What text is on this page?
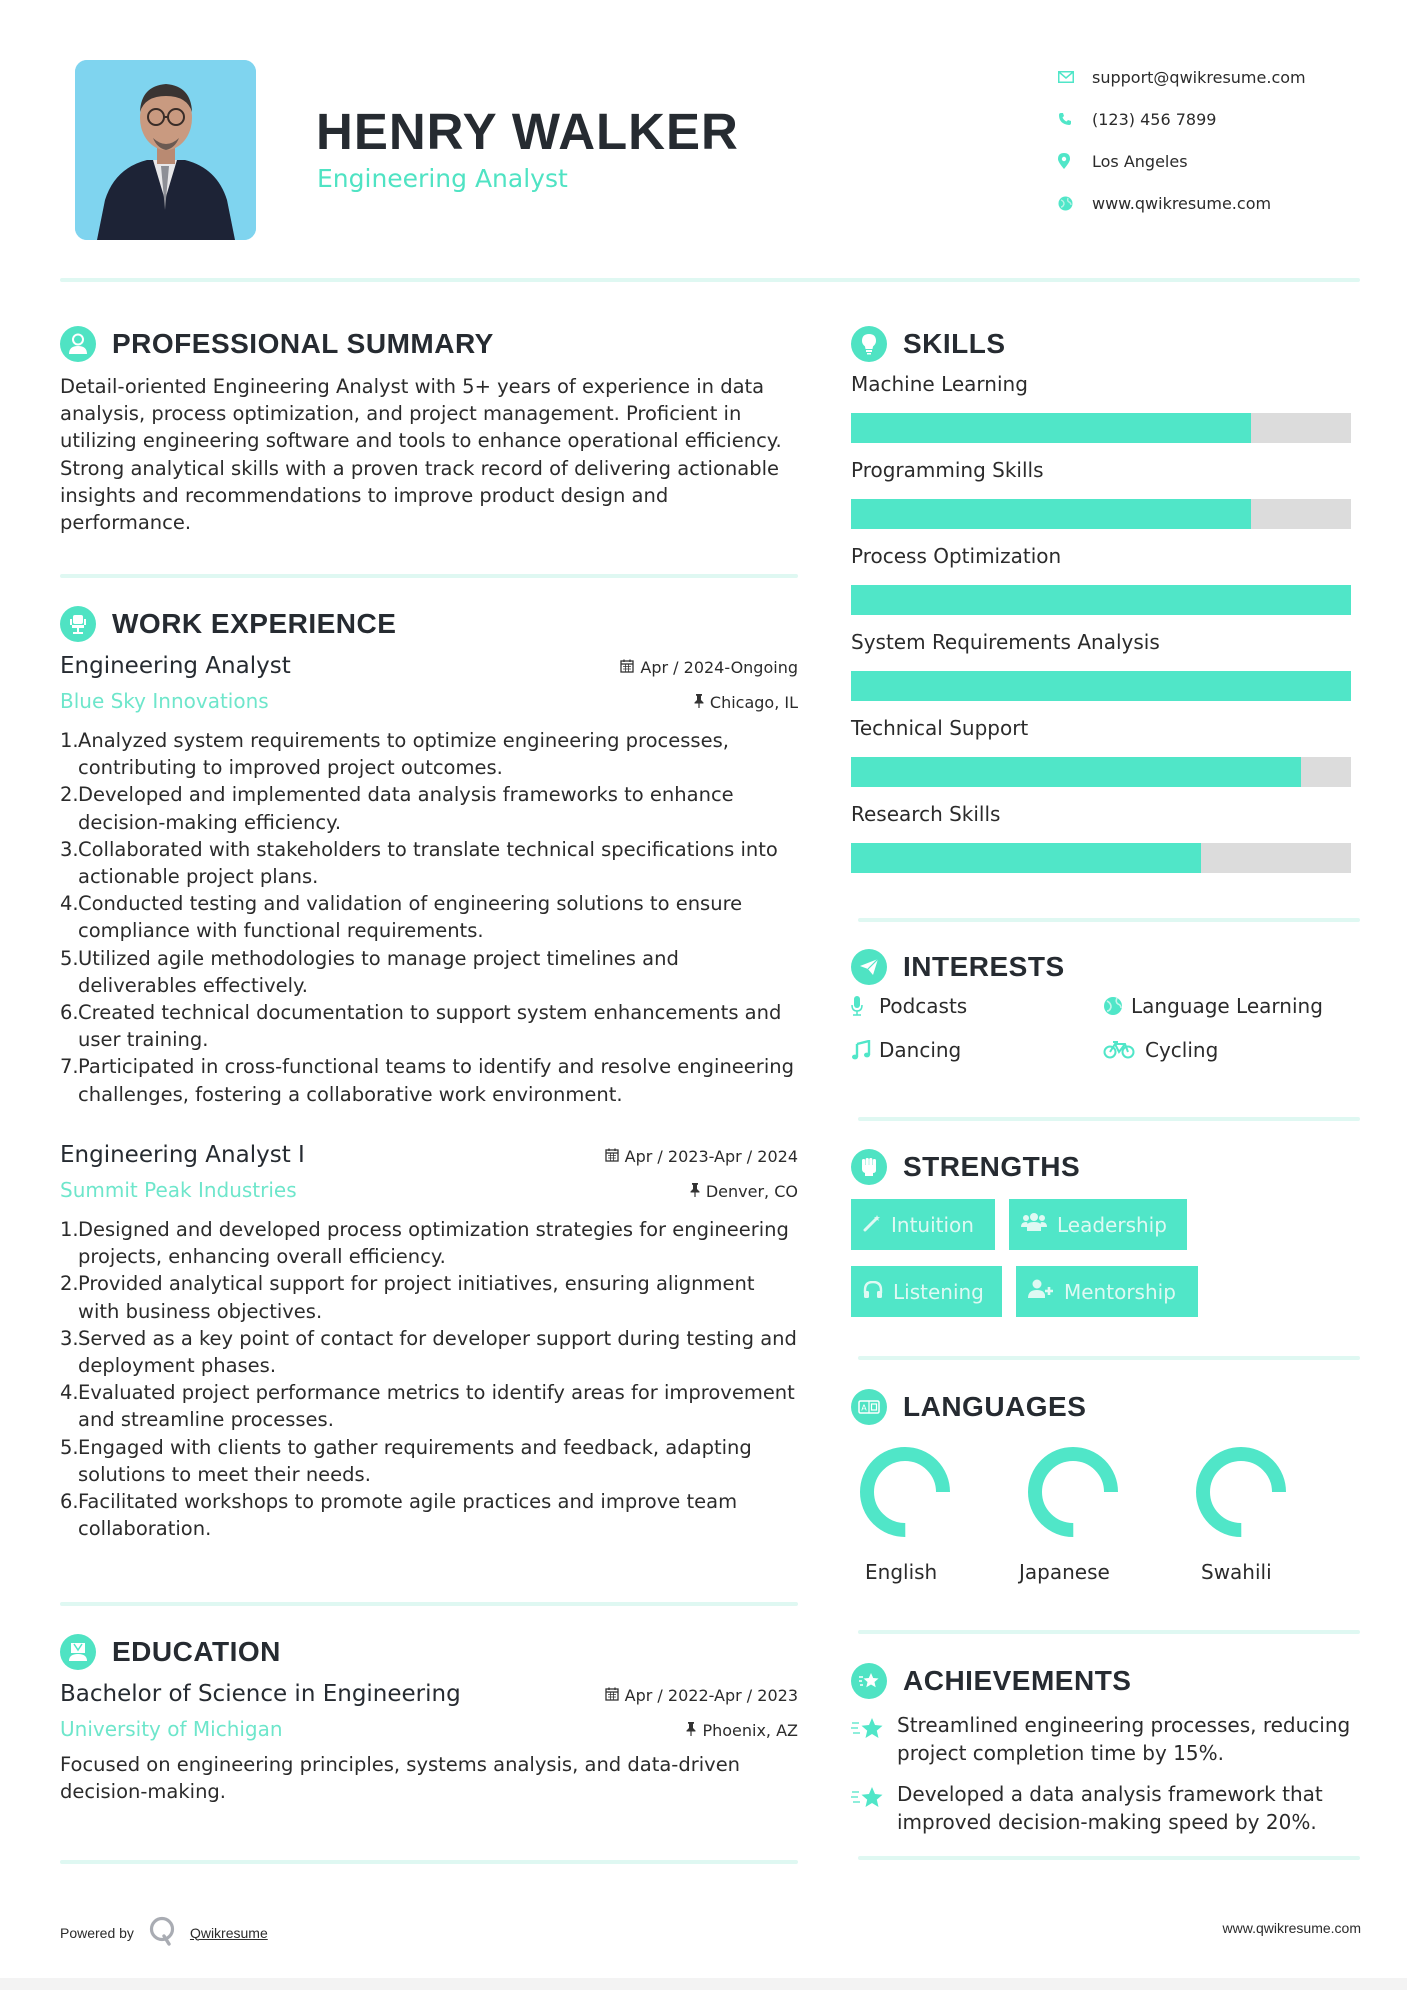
HENRY WALKER
Engineering Analyst
support@qwikresume.com
(123) 456 7899
Los Angeles
www.qwikresume.com
PROFESSIONAL SUMMARY

Detail-oriented Engineering Analyst with 5+ years of experience in data analysis, process optimization, and project management. Proficient in utilizing engineering software and tools to enhance operational efficiency. Strong analytical skills with a proven track record of delivering actionable insights and recommendations to improve product design and performance.

WORK EXPERIENCE
Engineering Analyst	Apr / 2024-Ongoing
Blue Sky Innovations	Chicago, IL
1. Analyzed system requirements to optimize engineering processes, contributing to improved project outcomes.
2. Developed and implemented data analysis frameworks to enhance decision-making efficiency.
3. Collaborated with stakeholders to translate technical specifications into actionable project plans.
4. Conducted testing and validation of engineering solutions to ensure compliance with functional requirements.
5. Utilized agile methodologies to manage project timelines and deliverables effectively.
6. Created technical documentation to support system enhancements and user training.
7. Participated in cross-functional teams to identify and resolve engineering challenges, fostering a collaborative work environment.
Engineering Analyst I	Apr / 2023-Apr / 2024
Summit Peak Industries	Denver, CO
1. Designed and developed process optimization strategies for engineering projects, enhancing overall efficiency.
2. Provided analytical support for project initiatives, ensuring alignment with business objectives.
3. Served as a key point of contact for developer support during testing and deployment phases.
4. Evaluated project performance metrics to identify areas for improvement and streamline processes.
5. Engaged with clients to gather requirements and feedback, adapting solutions to meet their needs.
6. Facilitated workshops to promote agile practices and improve team collaboration.
EDUCATION
Bachelor of Science in Engineering	Apr / 2022-Apr / 2023
University of Michigan	Phoenix, AZ

Focused on engineering principles, systems analysis, and data-driven decision-making.

SKILLS
Machine Learning
Programming Skills
Process Optimization
System Requirements Analysis
Technical Support
Research Skills
INTERESTS
Podcasts	Language Learning
Dancing	Cycling
STRENGTHS
Intuition	Leadership
Listening	Mentorship
A LANGUAGES
English	Japanese	Swahili
ACHIEVEMENTS
Streamlined engineering processes, reducing project completion time by 15%.
Developed a data analysis framework that improved decision-making speed by 20%.
Powered by	Qwikresume	www.qwikresume.com
